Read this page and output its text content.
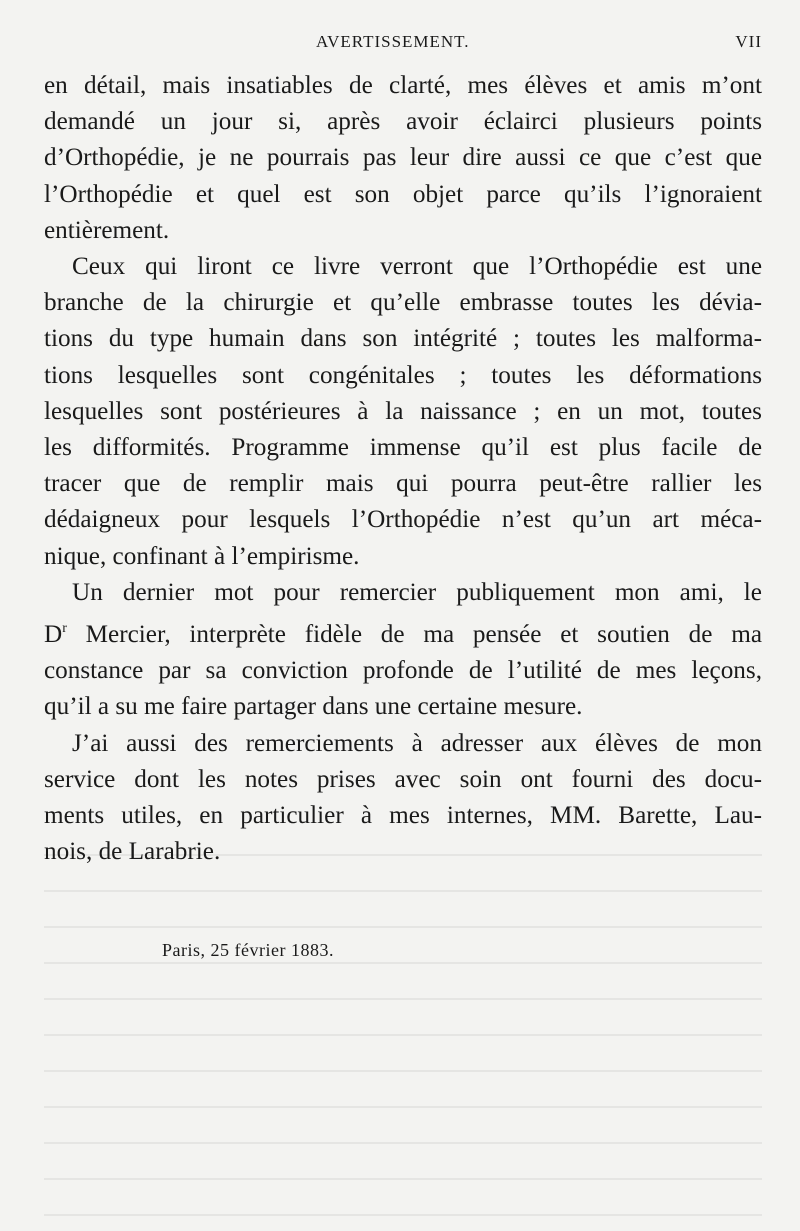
AVERTISSEMENT.	VII

en détail, mais insatiables de clarté, mes élèves et amis m’ont
demandé un jour si, après avoir éclairci plusieurs points
d’Orthopédie, je ne pourrais pas leur dire aussi ce que c’est que
l’Orthopédie et quel est son objet parce qu’ils l’ignoraient
entièrement.

Ceux qui liront ce livre verront que l’Orthopédie est une
branche de la chirurgie et qu’elle embrasse toutes les dévia-
tions du type humain dans son intégrité ; toutes les malforma-
tions lesquelles sont congénitales ; toutes les déformations
lesquelles sont postérieures à la naissance ; en un mot, toutes
les difformités. Programme immense qu’il est plus facile de
tracer que de remplir mais qui pourra peut-être rallier les
dédaigneux pour lesquels l’Orthopédie n’est qu’un art méca-
nique, confinant à l’empirisme.

Un dernier mot pour remercier publiquement mon ami, le
$D^r$ Mercier, interprète fidèle de ma pensée et soutien de ma
constance par sa conviction profonde de l’utilité de mes leçons,
qu’il a su me faire partager dans une certaine mesure.

J’ai aussi des remerciements à adresser aux élèves de mon
service dont les notes prises avec soin ont fourni des docu-
ments utiles, en particulier à mes internes, MM. Barette, Lau-
nois, de Larabrie.

Paris, 25 février 1883.
